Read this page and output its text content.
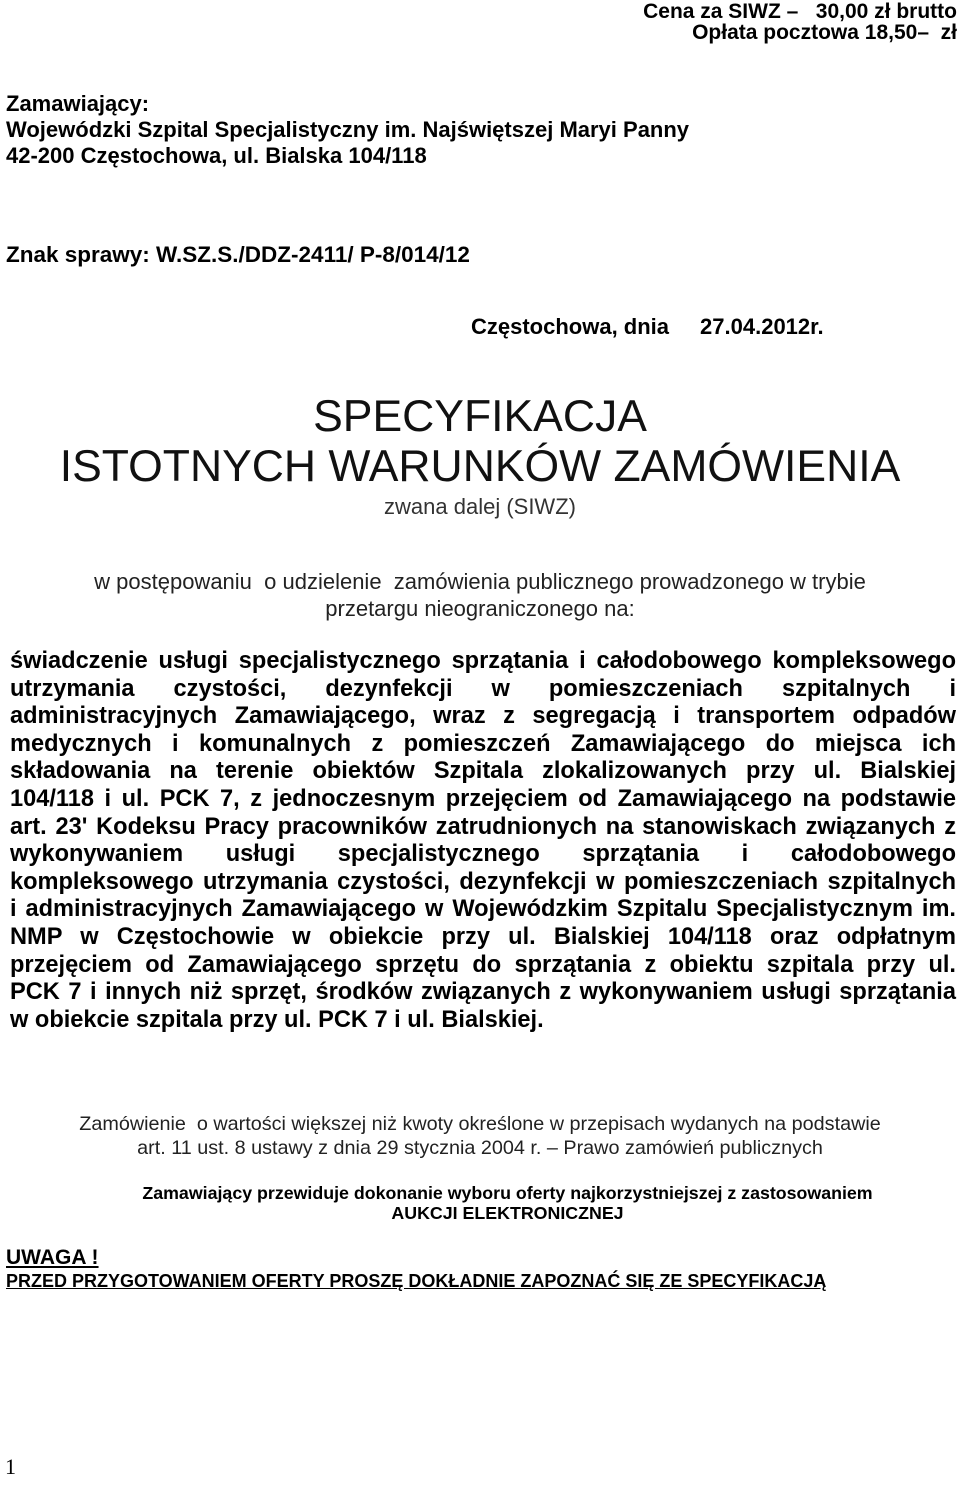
Cena za SIWZ –   30,00 zł brutto
Opłata pocztowa 18,50–  zł
Zamawiający:
Wojewódzki Szpital Specjalistyczny im. Najświętszej Maryi Panny
42-200 Częstochowa, ul. Bialska 104/118
Znak sprawy: W.SZ.S./DDZ-2411/ P-8/014/12
Częstochowa, dnia 27.04.2012r.
SPECYFIKACJA
ISTOTNYCH WARUNKÓW ZAMÓWIENIA
zwana dalej (SIWZ)
w postępowaniu  o udzielenie  zamówienia publicznego prowadzonego w trybie
przetargu nieograniczonego na:
świadczenie usługi specjalistycznego sprzątania i całodobowego kompleksowego
utrzymania czystości, dezynfekcji w pomieszczeniach szpitalnych i
administracyjnych Zamawiającego, wraz z segregacją i transportem odpadów
medycznych i komunalnych z pomieszczeń Zamawiającego do miejsca ich
składowania na terenie obiektów Szpitala zlokalizowanych przy ul. Bialskiej
104/118 i ul. PCK 7, z jednoczesnym przejęciem od Zamawiającego na podstawie
art. 23' Kodeksu Pracy pracowników zatrudnionych na stanowiskach związanych z
wykonywaniem usługi specjalistycznego sprzątania i całodobowego
kompleksowego utrzymania czystości, dezynfekcji w pomieszczeniach szpitalnych
i administracyjnych Zamawiającego w Wojewódzkim Szpitalu Specjalistycznym im.
NMP w Częstochowie w obiekcie przy ul. Bialskiej 104/118 oraz odpłatnym
przejęciem od Zamawiającego sprzętu do sprzątania z obiektu szpitala przy ul.
PCK 7 i innych niż sprzęt, środków związanych z wykonywaniem usługi sprzątania
w obiekcie szpitala przy ul. PCK 7 i ul. Bialskiej.
Zamówienie  o wartości większej niż kwoty określone w przepisach wydanych na podstawie
art. 11 ust. 8 ustawy z dnia 29 stycznia 2004 r. – Prawo zamówień publicznych
Zamawiający przewiduje dokonanie wyboru oferty najkorzystniejszej z zastosowaniem
AUKCJI ELEKTRONICZNEJ
UWAGA !
PRZED PRZYGOTOWANIEM OFERTY PROSZĘ DOKŁADNIE ZAPOZNAĆ SIĘ ZE SPECYFIKACJĄ
1
